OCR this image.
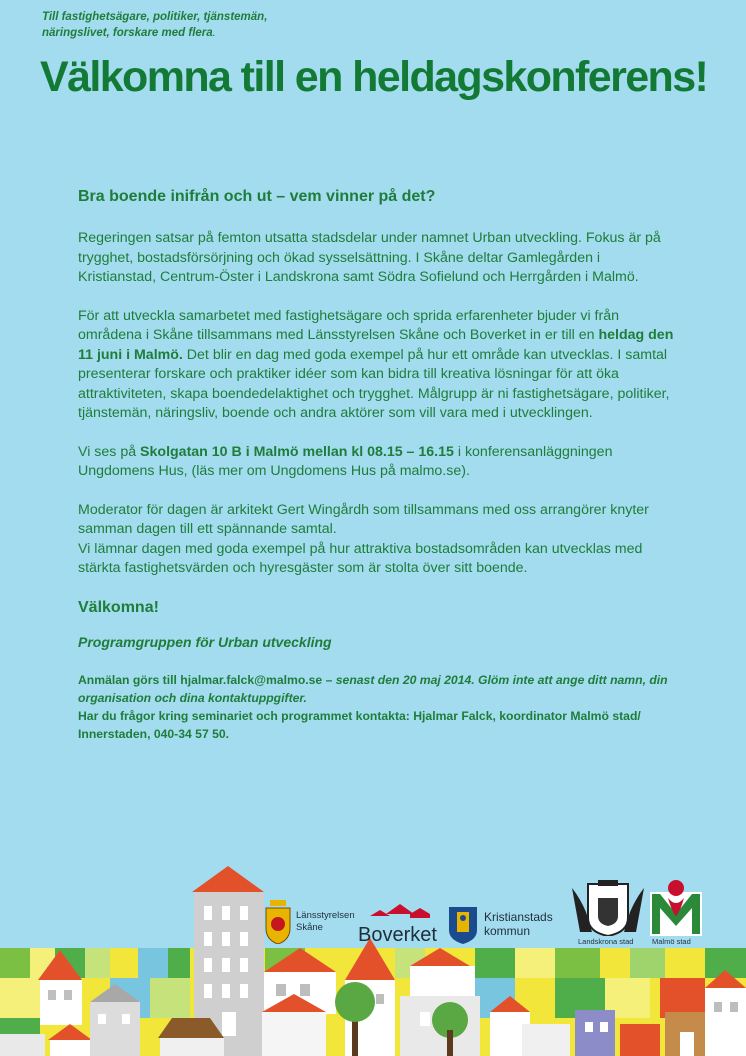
Till fastighetsägare, politiker, tjänstemän,
näringslivet, forskare med flera.
Välkomna till en heldagskonferens!
Bra boende inifrån och ut – vem vinner på det?

Regeringen satsar på femton utsatta stadsdelar under namnet Urban utveckling. Fokus är på trygghet, bostadsförsörjning och ökad sysselsättning. I Skåne deltar Gamlegården i Kristianstad, Centrum-Öster i Landskrona samt Södra Sofielund och Herrgården i Malmö.

För att utveckla samarbetet med fastighetsägare och sprida erfarenheter bjuder vi från områdena i Skåne tillsammans med Länsstyrelsen Skåne och Boverket in er till en heldag den 11 juni i Malmö. Det blir en dag med goda exempel på hur ett område kan utvecklas. I samtal presenterar forskare och praktiker idéer som kan bidra till kreativa lösningar för att öka attraktiviteten, skapa boendedelaktighet och trygghet. Målgrupp är ni fastighetsägare, politiker, tjänstemän, näringsliv, boende och andra aktörer som vill vara med i utvecklingen.

Vi ses på Skolgatan 10 B i Malmö mellan kl 08.15 – 16.15 i konferensanläggningen Ungdomens Hus, (läs mer om Ungdomens Hus på malmo.se).

Moderator för dagen är arkitekt Gert Wingårdh som tillsammans med oss arrangörer knyter samman dagen till ett spännande samtal.
Vi lämnar dagen med goda exempel på hur attraktiva bostadsområden kan utvecklas med stärkta fastighetsvärden och hyresgäster som är stolta över sitt boende.

Välkomna!

Programgruppen för Urban utveckling

Anmälan görs till hjalmar.falck@malmo.se – senast den 20 maj 2014. Glöm inte att ange ditt namn, din organisation och dina kontaktuppgifter.
Har du frågor kring seminariet och programmet kontakta: Hjalmar Falck, koordinator Malmö stad/ Innerstaden, 040-34 57 50.
Länsstyrelsen
Skåne	Boverket
Kristianstads
kommun
Landskrona stad Malmö stad
